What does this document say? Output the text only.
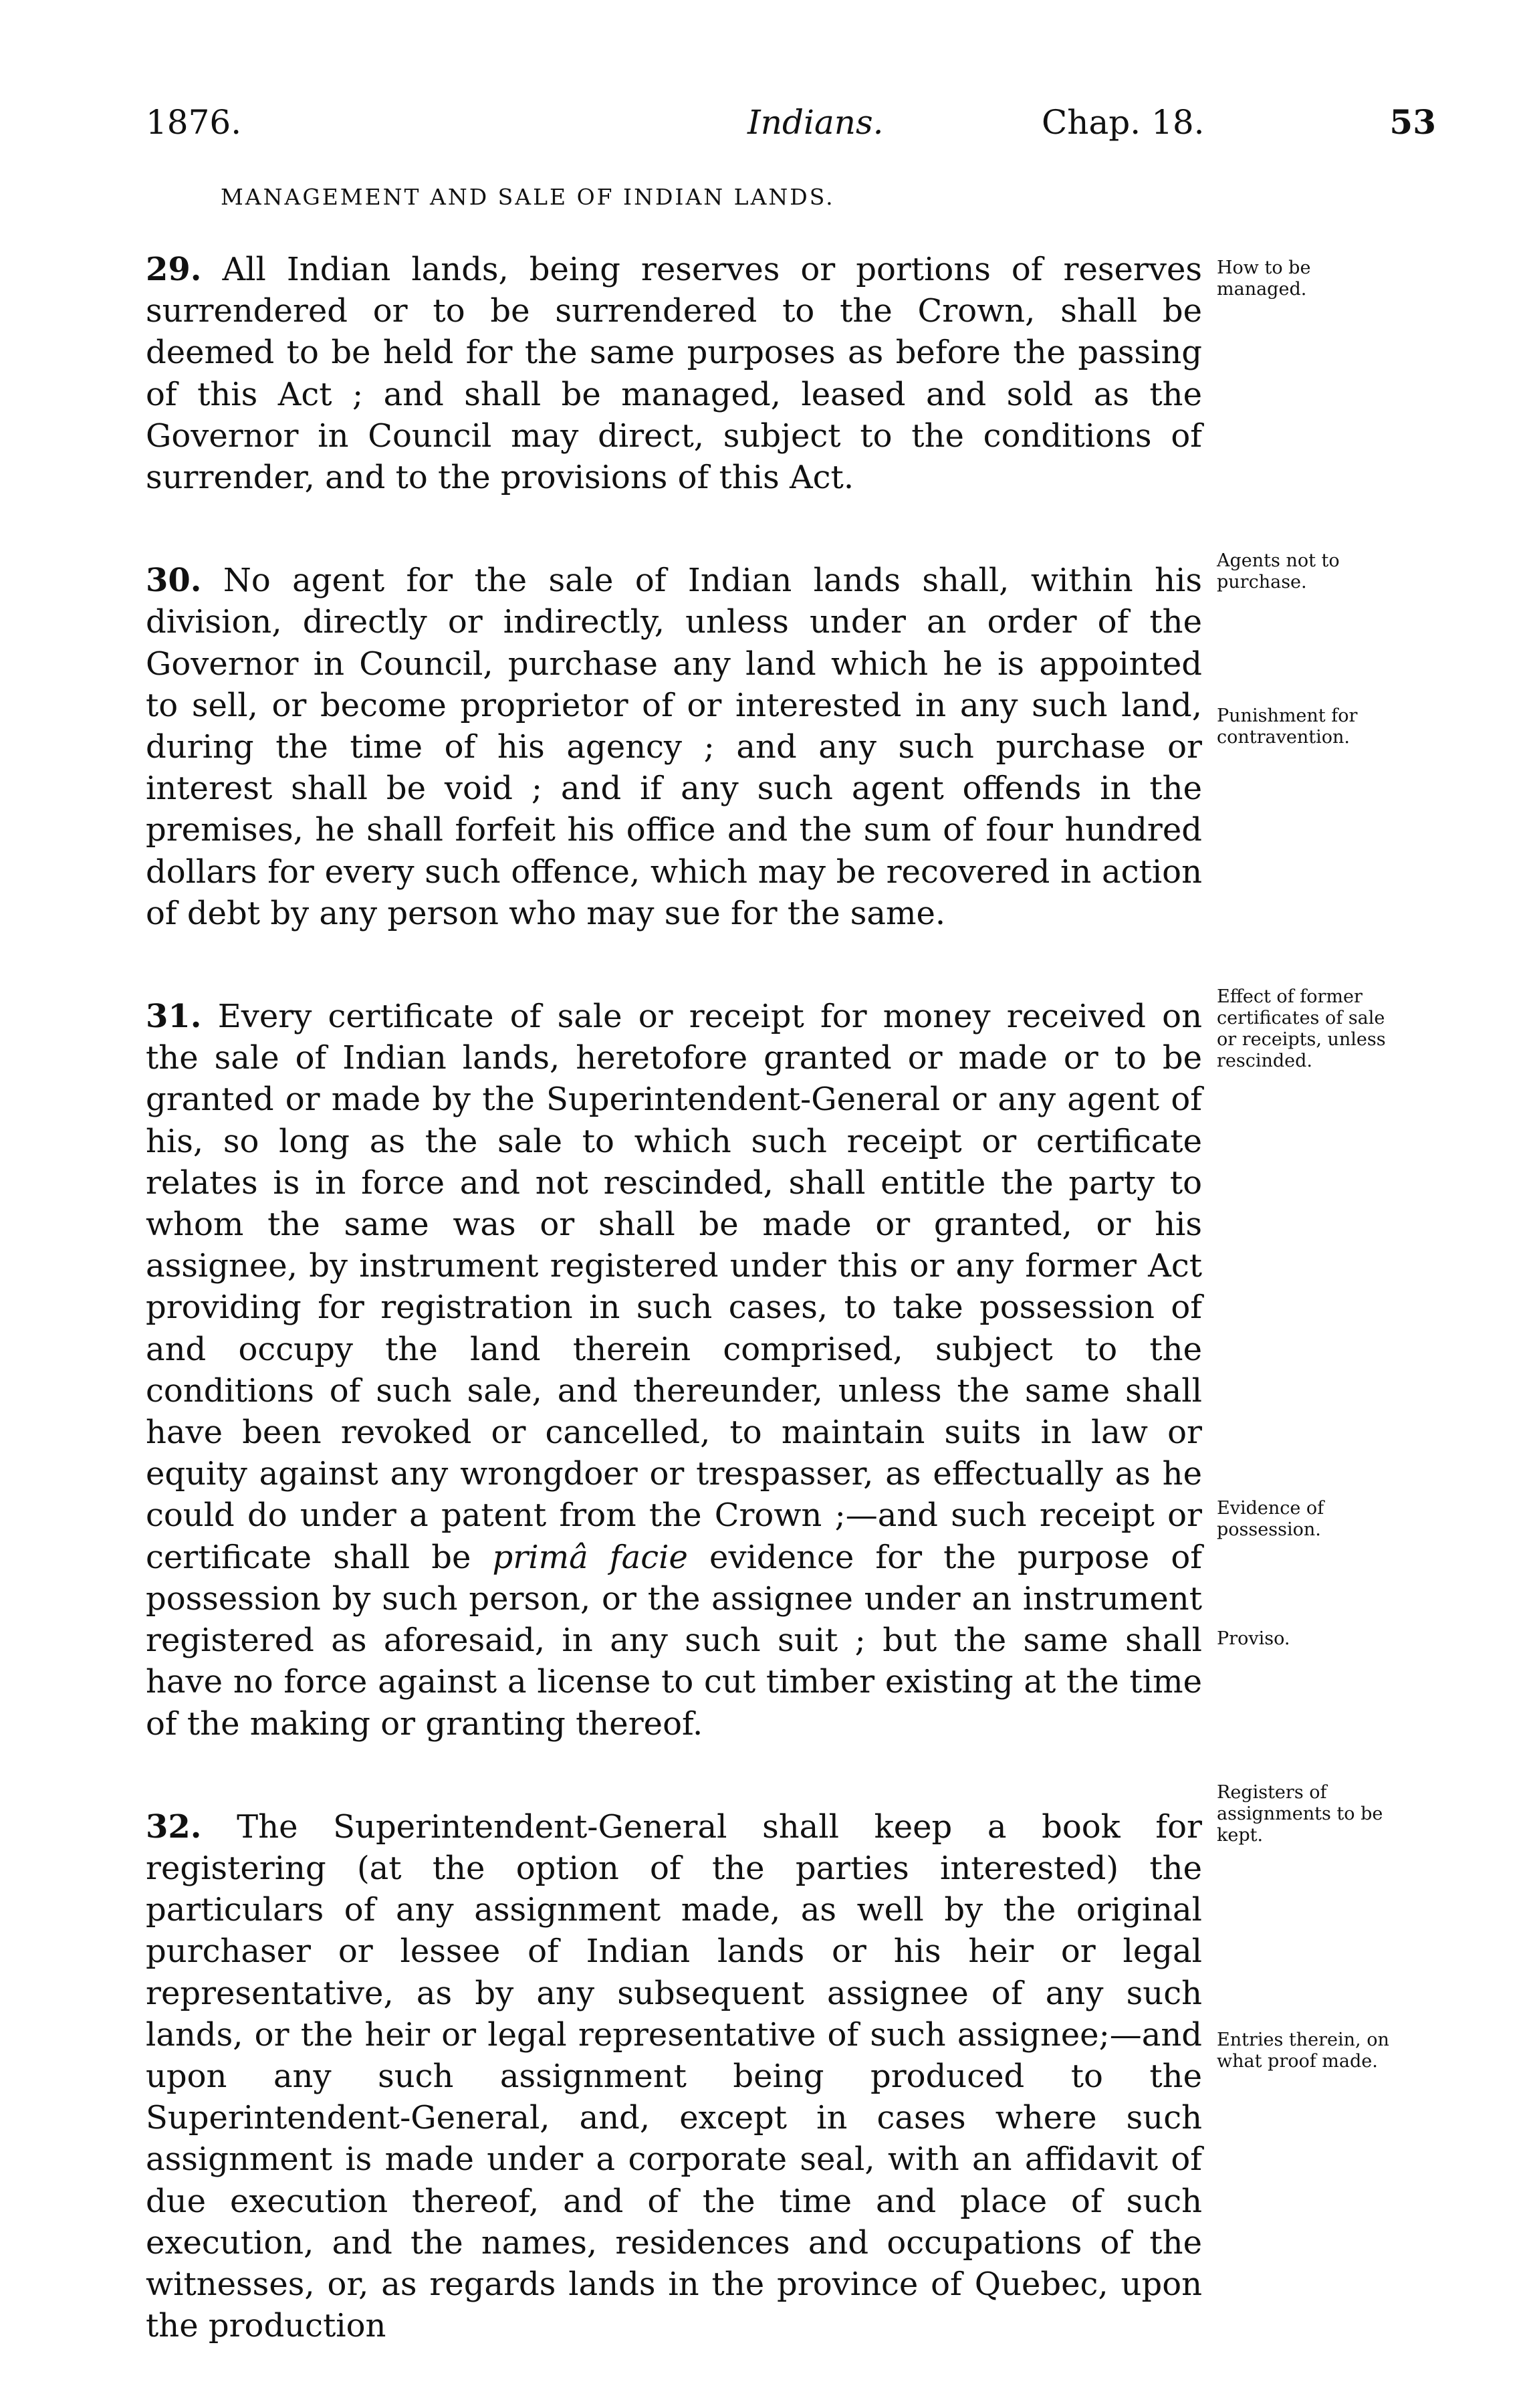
1876.	Indians.	Chap. 18.	53
MANAGEMENT AND SALE OF INDIAN LANDS.

29. All Indian lands, being reserves or portions of reserves surrendered or to be surrendered to the Crown, shall be deemed to be held for the same purposes as before the passing of this Act ; and shall be managed, leased and sold as the Governor in Council may direct, subject to the conditions of surrender, and to the provisions of this Act.

30. No agent for the sale of Indian lands shall, within his division, directly or indirectly, unless under an order of the Governor in Council, purchase any land which he is appointed to sell, or become proprietor of or interested in any such land, during the time of his agency ; and any such purchase or interest shall be void ; and if any such agent offends in the premises, he shall forfeit his office and the sum of four hundred dollars for every such offence, which may be recovered in action of debt by any person who may sue for the same.

31. Every certificate of sale or receipt for money received on the sale of Indian lands, heretofore granted or made or to be granted or made by the Superintendent-General or any agent of his, so long as the sale to which such receipt or certificate relates is in force and not rescinded, shall entitle the party to whom the same was or shall be made or granted, or his assignee, by instrument registered under this or any former Act providing for registration in such cases, to take possession of and occupy the land therein comprised, subject to the conditions of such sale, and thereunder, unless the same shall have been revoked or cancelled, to maintain suits in law or equity against any wrongdoer or trespasser, as effectually as he could do under a patent from the Crown ;—and such receipt or certificate shall be primâ facie evidence for the purpose of possession by such person, or the assignee under an instrument registered as aforesaid, in any such suit ; but the same shall have no force against a license to cut timber existing at the time of the making or granting thereof.

32. The Superintendent-General shall keep a book for registering (at the option of the parties interested) the particulars of any assignment made, as well by the original purchaser or lessee of Indian lands or his heir or legal representative, as by any subsequent assignee of any such lands, or the heir or legal representative of such assignee;—and upon any such assignment being produced to the Superintendent-General, and, except in cases where such assignment is made under a corporate seal, with an affidavit of due execution thereof, and of the time and place of such execution, and the names, residences and occupations of the witnesses, or, as regards lands in the province of Quebec, upon the production

How to be managed.
Agents not to purchase.
Punishment for contravention.
Effect of former certificates of sale or receipts, unless rescinded.
Evidence of possession.
Proviso.
Registers of assignments to be kept.
Entries therein, on what proof made.
